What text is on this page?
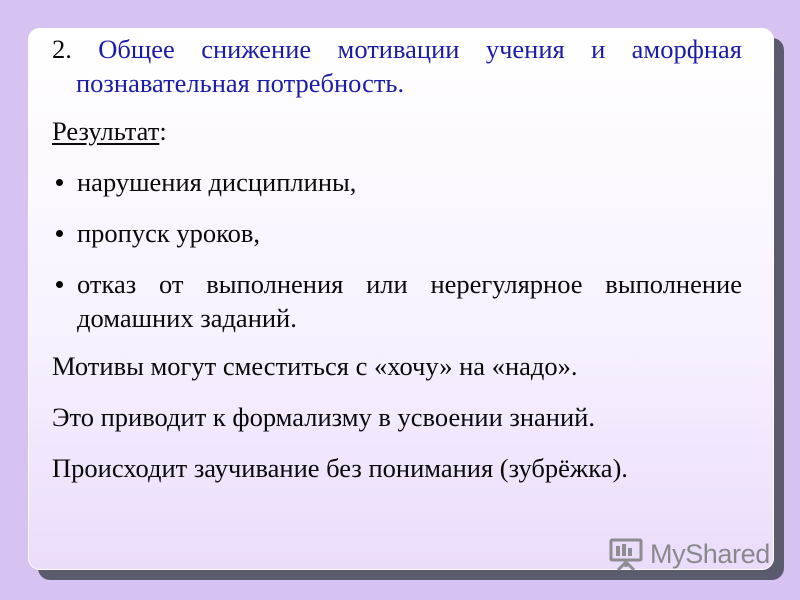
2. Общее снижение мотивации учения и аморфная познавательная потребность.

Результат:

нарушения дисциплины,
пропуск уроков,
отказ от выполнения или нерегулярное выполнение домашних заданий.

Мотивы могут сместиться с «хочу» на «надо».

Это приводит к формализму в усвоении знаний.

Происходит заучивание без понимания (зубрёжка).

MyShared
